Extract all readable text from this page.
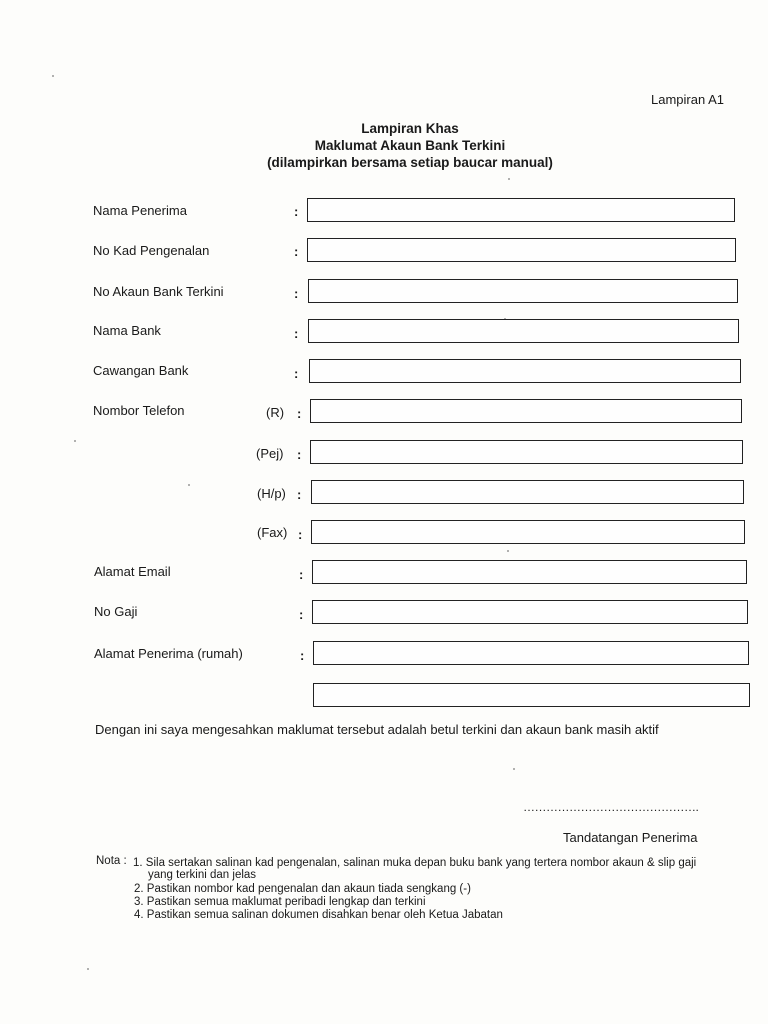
Lampiran A1
Lampiran Khas
Maklumat Akaun Bank Terkini
(dilampirkan bersama setiap baucar manual)
Nama Penerima	:
No Kad Pengenalan	:
No Akaun Bank Terkini	:
Nama Bank	:
Cawangan Bank	:
Nombor Telefon	(R) :
(Pej) :
(H/p) :
(Fax) :
Alamat Email	:
No Gaji	:
Alamat Penerima (rumah)	:
Dengan ini saya mengesahkan maklumat tersebut adalah betul terkini dan akaun bank masih aktif
……………………………………….
Tandatangan Penerima
Nota : 1. Sila sertakan salinan kad pengenalan, salinan muka depan buku bank yang tertera nombor akaun & slip gaji
yang terkini dan jelas
2. Pastikan nombor kad pengenalan dan akaun tiada sengkang (-)
3. Pastikan semua maklumat peribadi lengkap dan terkini
4. Pastikan semua salinan dokumen disahkan benar oleh Ketua Jabatan
